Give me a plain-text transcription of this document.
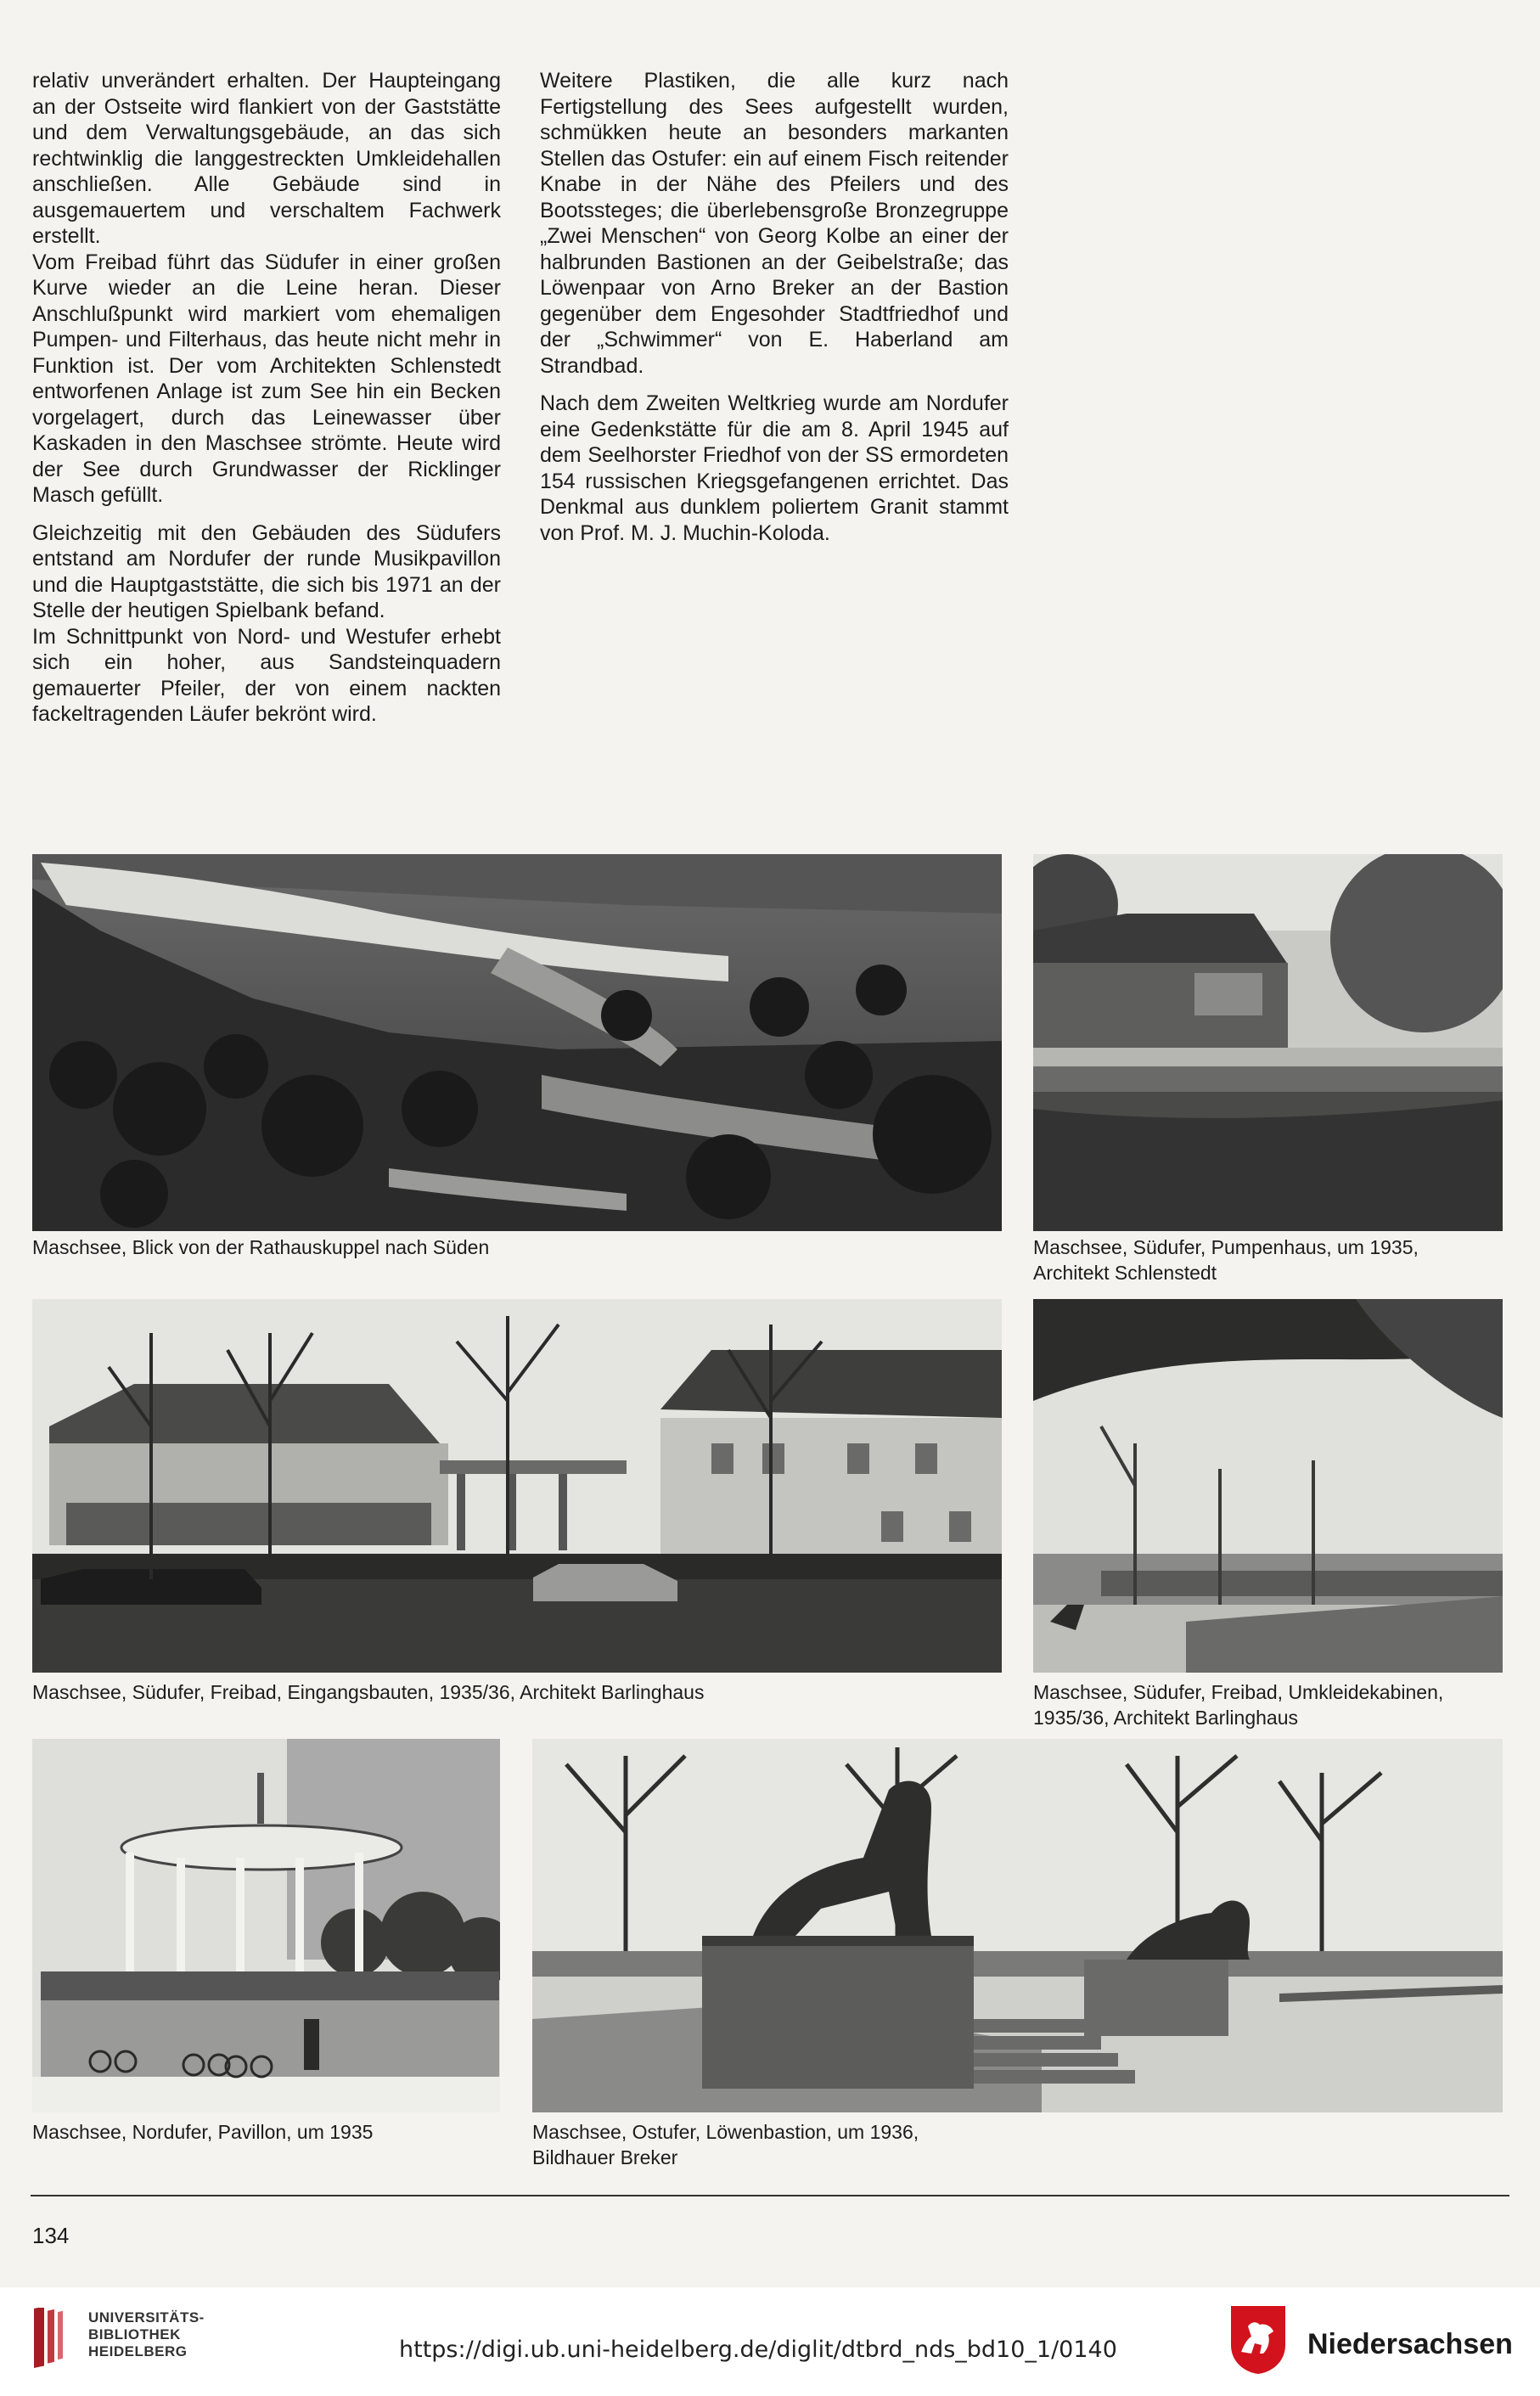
relativ unverändert erhalten. Der Haupteingang an der Ostseite wird flankiert von der Gaststätte und dem Verwaltungsgebäude, an das sich rechtwinklig die langgestreckten Umkleidehallen anschließen. Alle Gebäude sind in ausgemauertem und verschaltem Fachwerk erstellt.

Vom Freibad führt das Südufer in einer großen Kurve wieder an die Leine heran. Dieser Anschlußpunkt wird markiert vom ehemaligen Pumpen- und Filterhaus, das heute nicht mehr in Funktion ist. Der vom Architekten Schlenstedt entworfenen Anlage ist zum See hin ein Becken vorgelagert, durch das Leinewasser über Kaskaden in den Maschsee strömte. Heute wird der See durch Grundwasser der Ricklinger Masch gefüllt.

Gleichzeitig mit den Gebäuden des Südufers entstand am Nordufer der runde Musikpavillon und die Hauptgaststätte, die sich bis 1971 an der Stelle der heutigen Spielbank befand.

Im Schnittpunkt von Nord- und Westufer erhebt sich ein hoher, aus Sandsteinquadern gemauerter Pfeiler, der von einem nackten fackeltragenden Läufer bekrönt wird.

Weitere Plastiken, die alle kurz nach Fertigstellung des Sees aufgestellt wurden, schmükken heute an besonders markanten Stellen das Ostufer: ein auf einem Fisch reitender Knabe in der Nähe des Pfeilers und des Bootssteges; die überlebensgroße Bronzegruppe „Zwei Menschen“ von Georg Kolbe an einer der halbrunden Bastionen an der Geibelstraße; das Löwenpaar von Arno Breker an der Bastion gegenüber dem Engesohder Stadtfriedhof und der „Schwimmer“ von E. Haberland am Strandbad.

Nach dem Zweiten Weltkrieg wurde am Nordufer eine Gedenkstätte für die am 8. April 1945 auf dem Seelhorster Friedhof von der SS ermordeten 154 russischen Kriegsgefangenen errichtet. Das Denkmal aus dunklem poliertem Granit stammt von Prof. M. J. Muchin-Koloda.

Maschsee, Blick von der Rathauskuppel nach Süden	Maschsee, Südufer, Pumpenhaus, um 1935,
Architekt Schlenstedt
Maschsee, Südufer, Freibad, Eingangsbauten, 1935/36, Architekt Barlinghaus	Maschsee, Südufer, Freibad, Umkleidekabinen,
1935/36, Architekt Barlinghaus
Maschsee, Nordufer, Pavillon, um 1935	Maschsee, Ostufer, Löwenbastion, um 1936,
Bildhauer Breker
134
UNIVERSITÄTS-
BIBLIOTHEK
HEIDELBERG	https://digi.ub.uni-heidelberg.de/diglit/dtbrd_nds_bd10_1/0140	Niedersachsen
